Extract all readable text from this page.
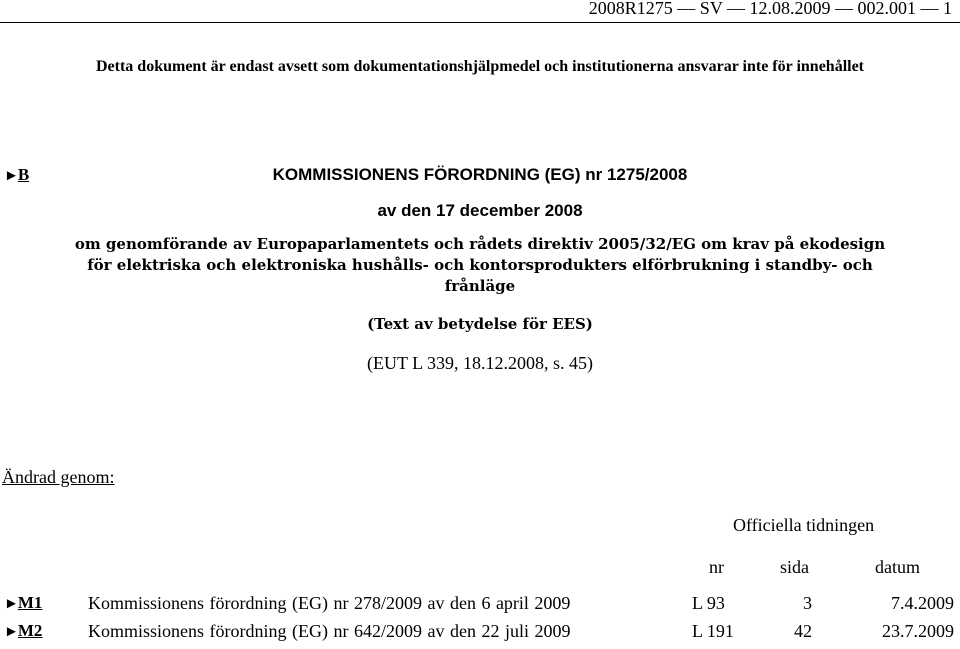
2008R1275 — SV — 12.08.2009 — 002.001 — 1
Detta dokument är endast avsett som dokumentationshjälpmedel och institutionerna ansvarar inte för innehållet
►B	KOMMISSIONENS FÖRORDNING (EG) nr 1275/2008
av den 17 december 2008
om genomförande av Europaparlamentets och rådets direktiv 2005/32/EG om krav på ekodesign
för elektriska och elektroniska hushålls- och kontorsprodukters elförbrukning i standby- och
frånläge
(Text av betydelse för EES)
(EUT L 339, 18.12.2008, s. 45)
Ändrad genom:
Officiella tidningen
nr	sida	datum
►M1	Kommissionens förordning (EG) nr 278/2009 av den 6 april 2009	L 93	3	7.4.2009
►M2	Kommissionens förordning (EG) nr 642/2009 av den 22 juli 2009	L 191	42	23.7.2009
